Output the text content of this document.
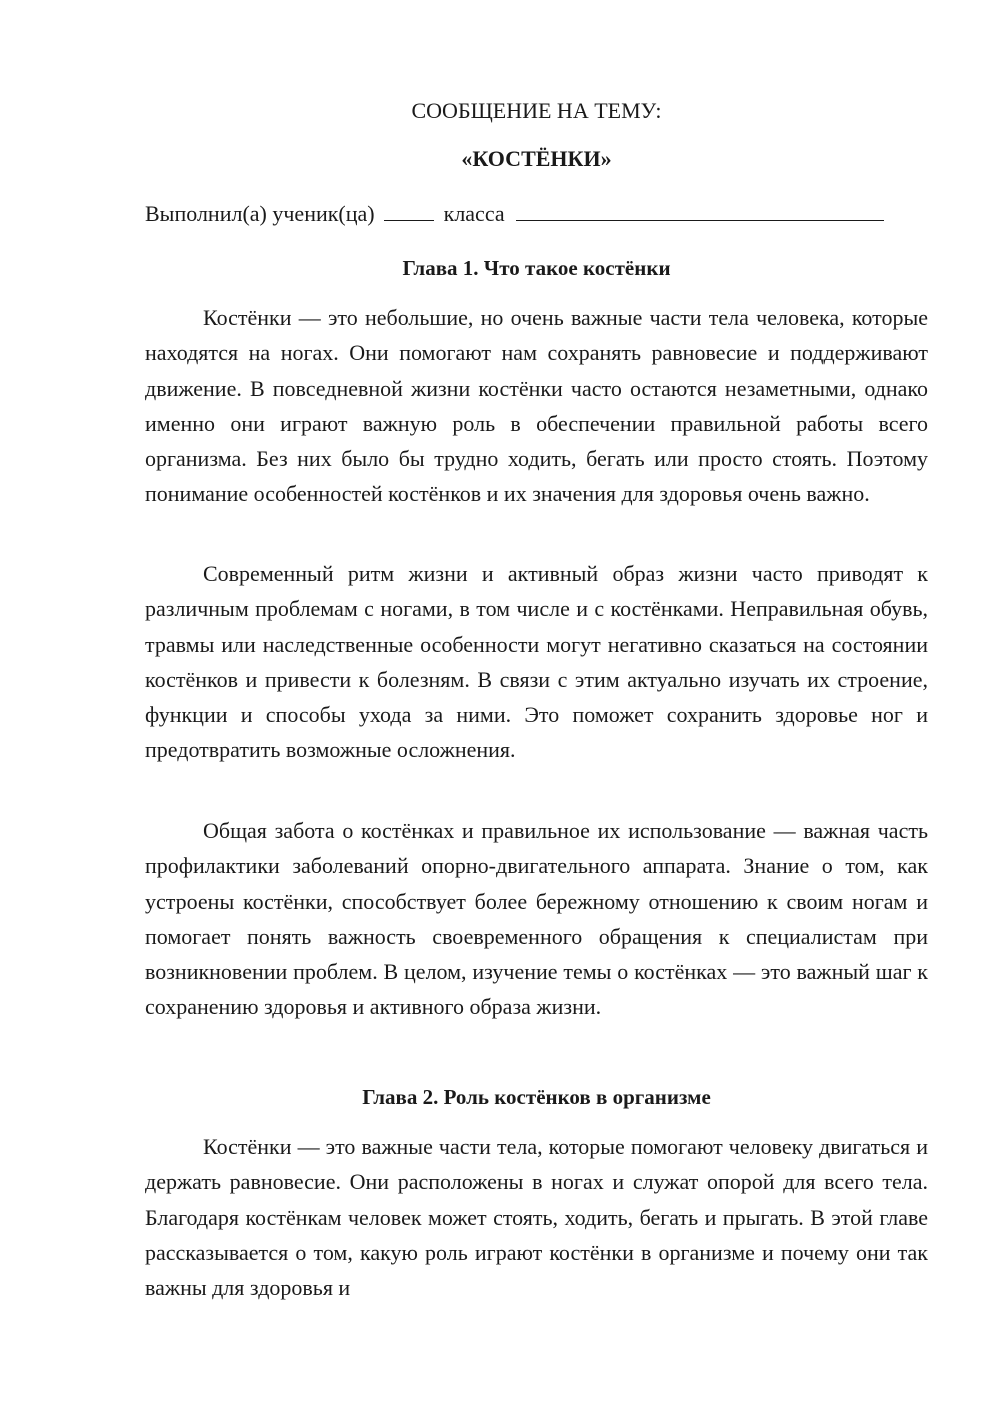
СООБЩЕНИЕ НА ТЕМУ:
«КОСТЁНКИ»
Выполнил(а) ученик(ца)	класса
Глава 1. Что такое костёнки

Костёнки — это небольшие, но очень важные части тела человека, которые находятся на ногах. Они помогают нам сохранять равновесие и поддерживают движение. В повседневной жизни костёнки часто остаются незаметными, однако именно они играют важную роль в обеспечении правильной работы всего организма. Без них было бы трудно ходить, бегать или просто стоять. Поэтому понимание особенностей костёнков и их значения для здоровья очень важно.

Современный ритм жизни и активный образ жизни часто приводят к различным проблемам с ногами, в том числе и с костёнками. Неправильная обувь, травмы или наследственные особенности могут негативно сказаться на состоянии костёнков и привести к болезням. В связи с этим актуально изучать их строение, функции и способы ухода за ними. Это поможет сохранить здоровье ног и предотвратить возможные осложнения.

Общая забота о костёнках и правильное их использование — важная часть профилактики заболеваний опорно-двигательного аппарата. Знание о том, как устроены костёнки, способствует более бережному отношению к своим ногам и помогает понять важность своевременного обращения к специалистам при возникновении проблем. В целом, изучение темы о костёнках — это важный шаг к сохранению здоровья и активного образа жизни.

Глава 2. Роль костёнков в организме

Костёнки — это важные части тела, которые помогают человеку двигаться и держать равновесие. Они расположены в ногах и служат опорой для всего тела. Благодаря костёнкам человек может стоять, ходить, бегать и прыгать. В этой главе рассказывается о том, какую роль играют костёнки в организме и почему они так важны для здоровья и
